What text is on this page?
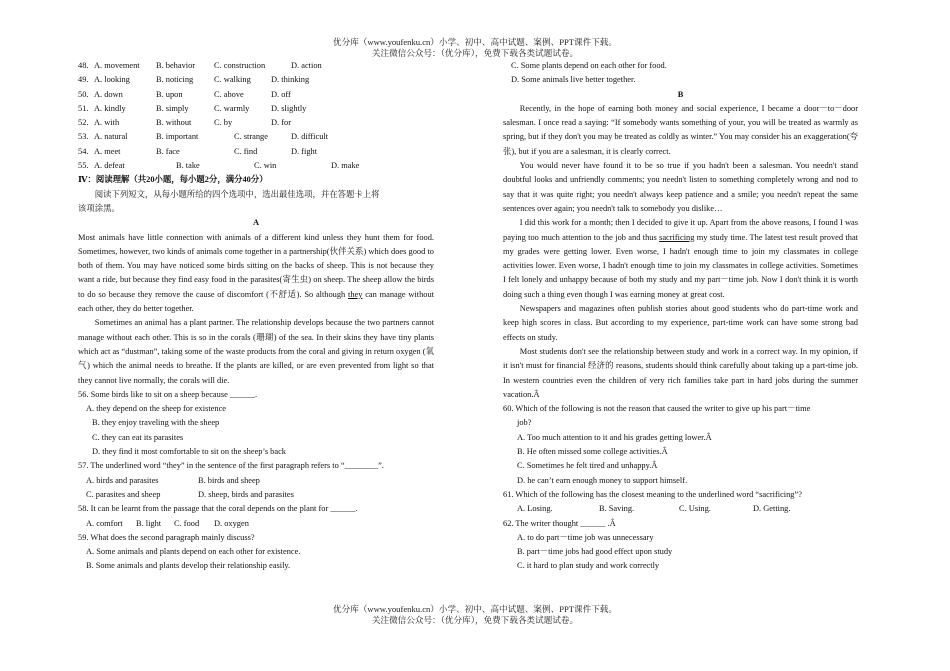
优分库（www.youfenku.cn）小学、初中、高中试题、案例、PPT课件下载。
关注微信公众号：（优分库），免费下载各类试题试卷。
48. A. movement B. behavior C. construction	D. action
49. A. looking	B. noticing C. walking D. thinking
50. A. down	B. upon	C. above	D. off
51. A. kindly	B. simply	C. warmly	D. slightly
52. A. with	B. without	C. by	D. for
53. A. natural	B. important	C. strange	D. difficult
54. A. meet	B. face	C. find	D. fight
55. A. defeat	B. take	C. win	D. make
Ⅳ：阅读理解（共20小题，每小题2分，满分40分）
阅读下列短文，从每小题所给的四个选项中，选出最佳选项，并在答题卡上将
该项涂黑。
A

Most animals have little connection with animals of a different kind unless they hunt them for food. Sometimes, however, two kinds of animals come together in a partnership(伙伴关系) which does good to both of them. You may have noticed some birds sitting on the backs of sheep. This is not because they want a ride, but because they find easy food in the parasites(寄生虫) on sheep. The sheep allow the birds to do so because they remove the cause of discomfort (不舒适). So although they can manage without each other, they do better together.

Sometimes an animal has a plant partner. The relationship develops because the two partners cannot manage without each other. This is so in the corals (珊瑚) of the sea. In their skins they have tiny plants which act as “dustman”, taking some of the waste products from the coral and giving in return oxygen (氧气) which the animal needs to breathe. If the plants are killed, or are even prevented from light so that they cannot live normally, the corals will die.

56. Some birds like to sit on a sheep because ______.
A. they depend on the sheep for existence
B. they enjoy traveling with the sheep
C. they can eat its parasites
D. they find it most comfortable to sit on the sheep’s back
57. The underlined word “they” in the sentence of the first paragraph refers to “________”.
A. birds and parasites	B. birds and sheep
C. parasites and sheep	D. sheep, birds and parasites
58. It can be learnt from the passage that the coral depends on the plant for ______.
A. comfort B. light C. food D. oxygen
59. What does the second paragraph mainly discuss?
A. Some animals and plants depend on each other for existence.
B. Some animals and plants develop their relationship easily.
C. Some plants depend on each other for food.
D. Some animals live better together.
B

Recently, in the hope of earning both money and social experience, I became a door－to－door salesman. I once read a saying: “If somebody wants something of your, you will be treated as warmly as spring, but if they don't you may be treated as coldly as winter.” You may consider his an exaggeration(夸张), but if you are a salesman, it is clearly correct.

You would never have found it to be so true if you hadn't been a salesman. You needn't stand doubtful looks and unfriendly comments; you needn't listen to something completely wrong and nod to say that it was quite right; you needn't always keep patience and a smile; you needn't repeat the same sentences over again; you needn't talk to somebody you dislike…

I did this work for a month; then I decided to give it up. Apart from the above reasons, I found I was paying too much attention to the job and thus sacrificing my study time. The latest test result proved that my grades were getting lower. Even worse, I hadn't enough time to join my classmates in college activities lower. Even worse, I hadn't enough time to join my classmates in college activities. Sometimes I felt lonely and unhappy because of both my study and my part－time job. Now I don't think it is worth doing such a thing even though I was earning money at great cost.

Newspapers and magazines often publish stories about good students who do part-time work and keep high scores in class. But according to my experience, part-time work can have some strong bad effects on study.

Most students don't see the relationship between study and work in a correct way. In my opinion, if it isn't must for financial 经济的 reasons, students should think carefully about taking up a part-time job. In western countries even the children of very rich families take part in hard jobs during the summer vacation.Â

60. Which of the following is not the reason that caused the writer to give up his part－time
job?
A. Too much attention to it and his grades getting lower.Â
B. He often missed some college activities.Â
C. Sometimes he felt tired and unhappy.Â
D. he can’t earn enough money to support himself.
61. Which of the following has the closest meaning to the underlined word “sacrificing”?
A. Losing.	B. Saving.	C. Using.	D. Getting.
62. The writer thought ______ .Â
A. to do part－time job was unnecessary
B. part－time jobs had good effect upon study
C. it hard to plan study and work correctly
优分库（www.youfenku.cn）小学、初中、高中试题、案例、PPT课件下载。
关注微信公众号：（优分库），免费下载各类试题试卷。
